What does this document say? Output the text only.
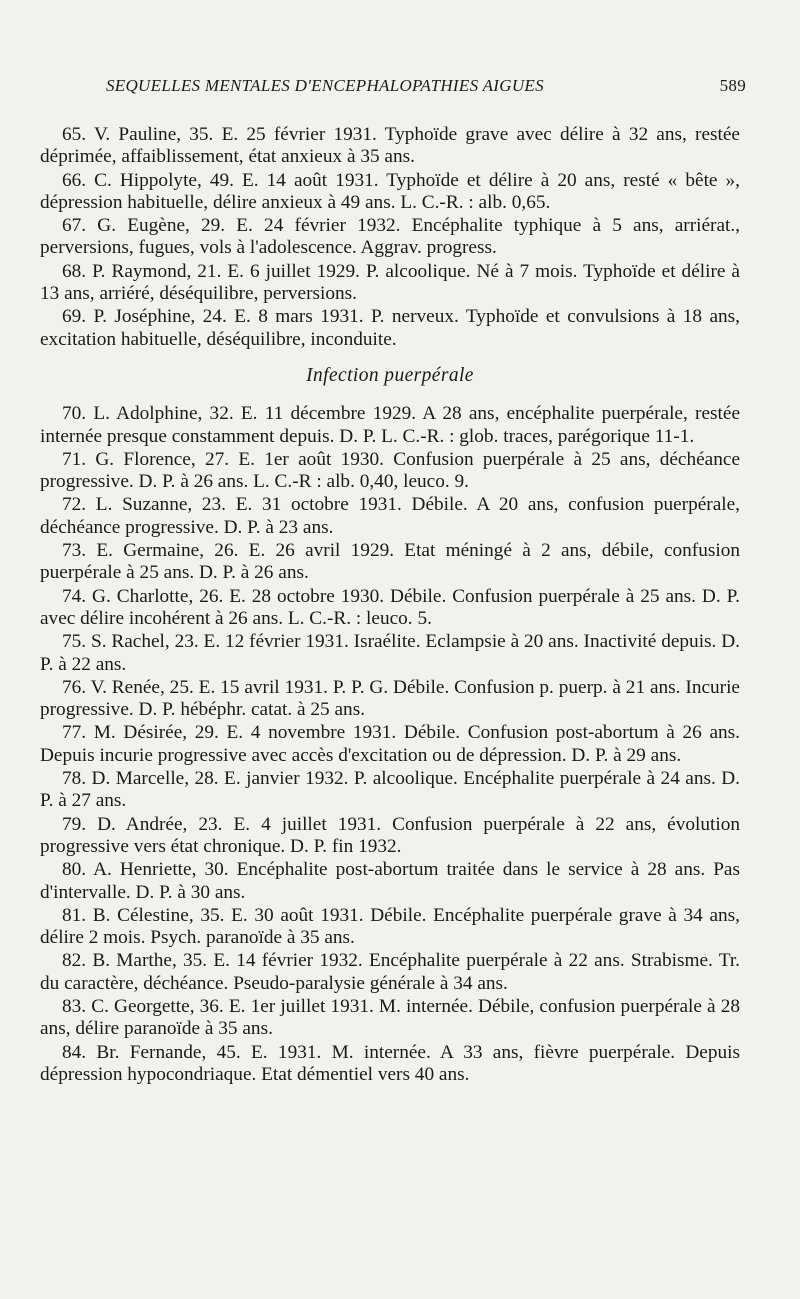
SEQUELLES MENTALES D'ENCEPHALOPATHIES AIGUES	589

65. V. Pauline, 35. E. 25 février 1931. Typhoïde grave avec délire à 32 ans, restée déprimée, affaiblissement, état anxieux à 35 ans.

66. C. Hippolyte, 49. E. 14 août 1931. Typhoïde et délire à 20 ans, resté « bête », dépression habituelle, délire anxieux à 49 ans. L. C.-R. : alb. 0,65.

67. G. Eugène, 29. E. 24 février 1932. Encéphalite typhique à 5 ans, arriérat., perversions, fugues, vols à l'adolescence. Aggrav. progress.

68. P. Raymond, 21. E. 6 juillet 1929. P. alcoolique. Né à 7 mois. Typhoïde et délire à 13 ans, arriéré, déséquilibre, perversions.

69. P. Joséphine, 24. E. 8 mars 1931. P. nerveux. Typhoïde et convulsions à 18 ans, excitation habituelle, déséquilibre, inconduite.

Infection puerpérale

70. L. Adolphine, 32. E. 11 décembre 1929. A 28 ans, encéphalite puerpérale, restée internée presque constamment depuis. D. P. L. C.-R. : glob. traces, parégorique 11-1.

71. G. Florence, 27. E. 1er août 1930. Confusion puerpérale à 25 ans, déchéance progressive. D. P. à 26 ans. L. C.-R : alb. 0,40, leuco. 9.

72. L. Suzanne, 23. E. 31 octobre 1931. Débile. A 20 ans, confusion puerpérale, déchéance progressive. D. P. à 23 ans.

73. E. Germaine, 26. E. 26 avril 1929. Etat méningé à 2 ans, débile, confusion puerpérale à 25 ans. D. P. à 26 ans.

74. G. Charlotte, 26. E. 28 octobre 1930. Débile. Confusion puerpérale à 25 ans. D. P. avec délire incohérent à 26 ans. L. C.-R. : leuco. 5.

75. S. Rachel, 23. E. 12 février 1931. Israélite. Eclampsie à 20 ans. Inactivité depuis. D. P. à 22 ans.

76. V. Renée, 25. E. 15 avril 1931. P. P. G. Débile. Confusion p. puerp. à 21 ans. Incurie progressive. D. P. hébéphr. catat. à 25 ans.

77. M. Désirée, 29. E. 4 novembre 1931. Débile. Confusion post-abortum à 26 ans. Depuis incurie progressive avec accès d'excitation ou de dépression. D. P. à 29 ans.

78. D. Marcelle, 28. E. janvier 1932. P. alcoolique. Encéphalite puerpérale à 24 ans. D. P. à 27 ans.

79. D. Andrée, 23. E. 4 juillet 1931. Confusion puerpérale à 22 ans, évolution progressive vers état chronique. D. P. fin 1932.

80. A. Henriette, 30. Encéphalite post-abortum traitée dans le service à 28 ans. Pas d'intervalle. D. P. à 30 ans.

81. B. Célestine, 35. E. 30 août 1931. Débile. Encéphalite puerpérale grave à 34 ans, délire 2 mois. Psych. paranoïde à 35 ans.

82. B. Marthe, 35. E. 14 février 1932. Encéphalite puerpérale à 22 ans. Strabisme. Tr. du caractère, déchéance. Pseudo-paralysie générale à 34 ans.

83. C. Georgette, 36. E. 1er juillet 1931. M. internée. Débile, confusion puerpérale à 28 ans, délire paranoïde à 35 ans.

84. Br. Fernande, 45. E. 1931. M. internée. A 33 ans, fièvre puerpérale. Depuis dépression hypocondriaque. Etat démentiel vers 40 ans.
